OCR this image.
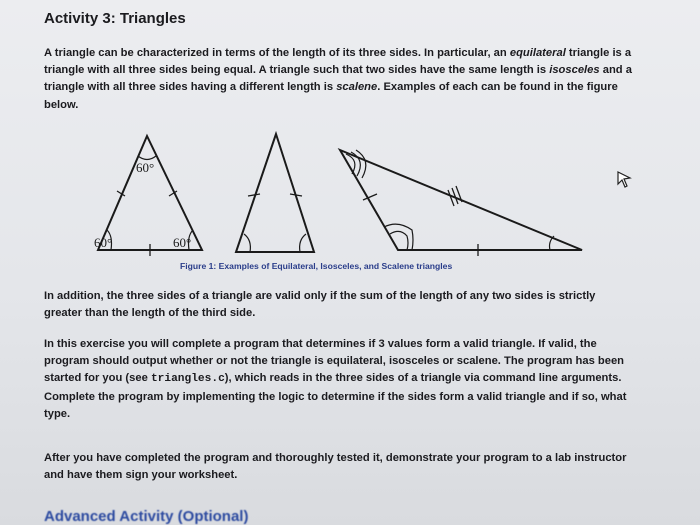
Activity 3: Triangles

A triangle can be characterized in terms of the length of its three sides. In particular, an equilateral triangle is a triangle with all three sides being equal. A triangle such that two sides have the same length is isosceles and a triangle with all three sides having a different length is scalene. Examples of each can be found in the figure below.

60°
60°	60°

Figure 1: Examples of Equilateral, Isosceles, and Scalene triangles

In addition, the three sides of a triangle are valid only if the sum of the length of any two sides is strictly greater than the length of the third side.

In this exercise you will complete a program that determines if 3 values form a valid triangle. If valid, the program should output whether or not the triangle is equilateral, isosceles or scalene. The program has been started for you (see triangles.c), which reads in the three sides of a triangle via command line arguments. Complete the program by implementing the logic to determine if the sides form a valid triangle and if so, what type.

After you have completed the program and thoroughly tested it, demonstrate your program to a lab instructor and have them sign your worksheet.

Advanced Activity (Optional)
